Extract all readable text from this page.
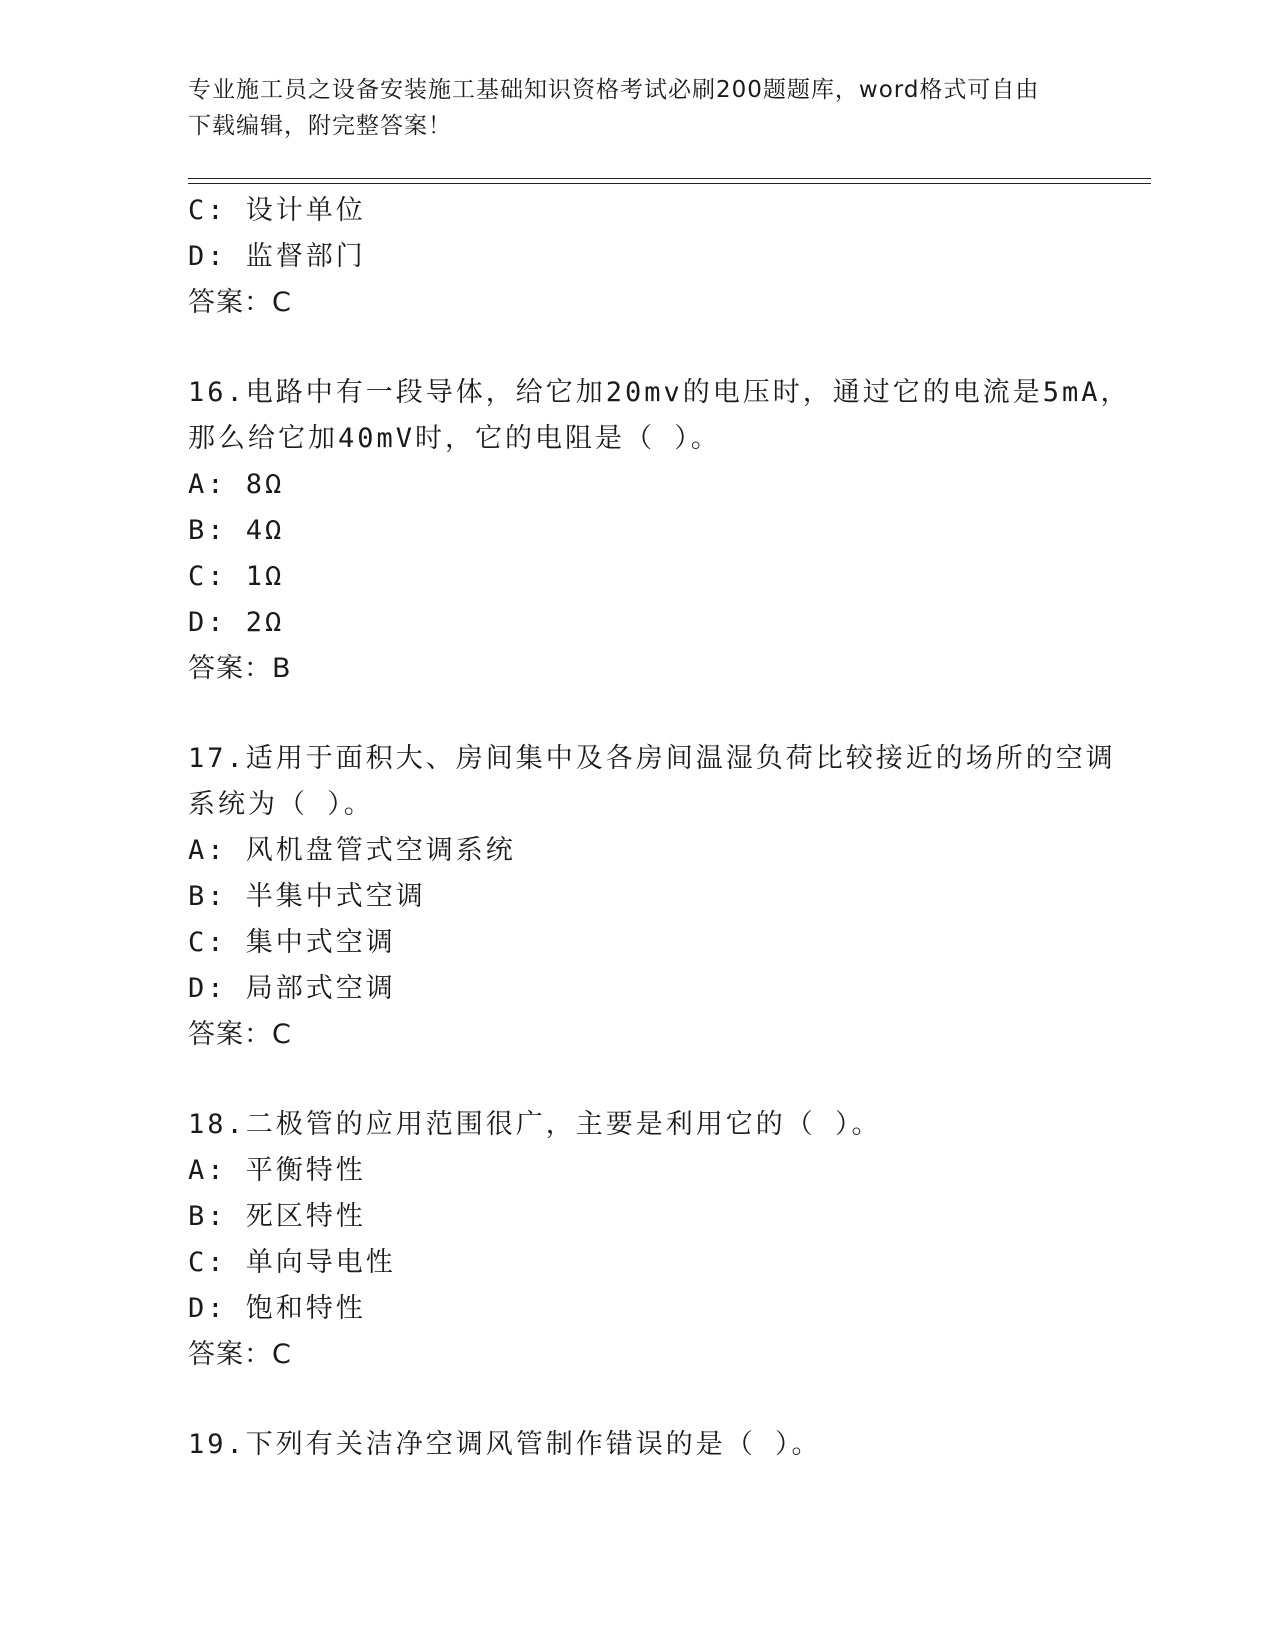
专业施工员之设备安装施工基础知识资格考试必刷200题题库，word格式可自由
下载编辑，附完整答案！
C: 设计单位
D: 监督部门
答案：C
16.电路中有一段导体，给它加20mv的电压时，通过它的电流是5mA，
那么给它加40mV时，它的电阻是（ ）。
A: 8Ω
B: 4Ω
C: 1Ω
D: 2Ω
答案：B
17.适用于面积大、房间集中及各房间温湿负荷比较接近的场所的空调
系统为（ ）。
A: 风机盘管式空调系统
B: 半集中式空调
C: 集中式空调
D: 局部式空调
答案：C
18.二极管的应用范围很广，主要是利用它的（ ）。
A: 平衡特性
B: 死区特性
C: 单向导电性
D: 饱和特性
答案：C
19.下列有关洁净空调风管制作错误的是（ ）。
